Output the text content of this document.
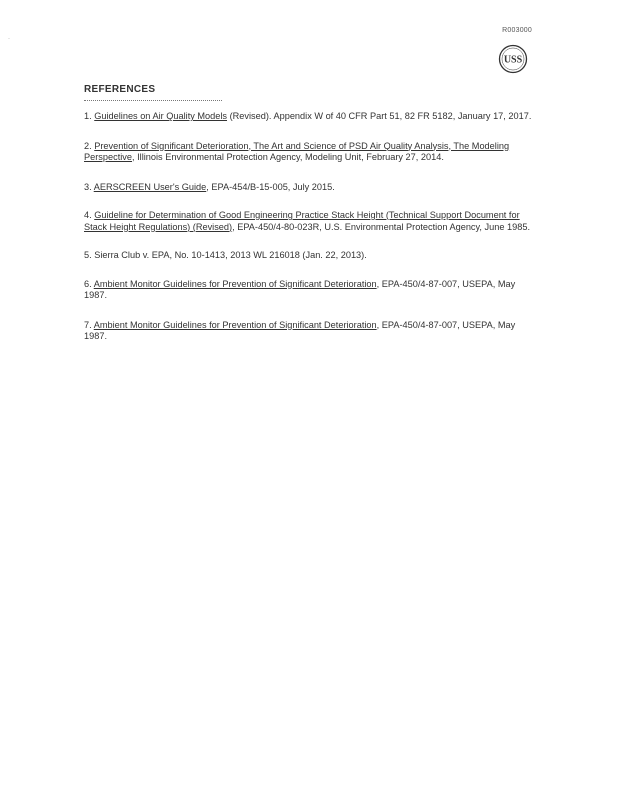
·
R003000
USS

REFERENCES

1. Guidelines on Air Quality Models (Revised). Appendix W of 40 CFR Part 51, 82 FR 5182, January 17, 2017.

2. Prevention of Significant Deterioration, The Art and Science of PSD Air Quality Analysis, The Modeling Perspective, Illinois Environmental Protection Agency, Modeling Unit, February 27, 2014.

3. AERSCREEN User's Guide, EPA-454/B-15-005, July 2015.

4. Guideline for Determination of Good Engineering Practice Stack Height (Technical Support Document for Stack Height Regulations) (Revised), EPA-450/4-80-023R, U.S. Environmental Protection Agency, June 1985.

5. Sierra Club v. EPA, No. 10-1413, 2013 WL 216018 (Jan. 22, 2013).

6. Ambient Monitor Guidelines for Prevention of Significant Deterioration, EPA-450/4-87-007, USEPA, May 1987.

7. Ambient Monitor Guidelines for Prevention of Significant Deterioration, EPA-450/4-87-007, USEPA, May 1987.
